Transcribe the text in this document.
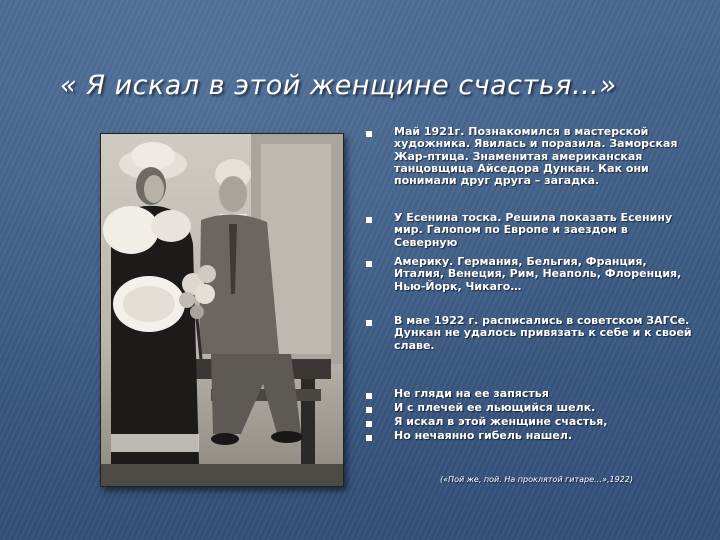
« Я искал в этой женщине счастья…»
Май 1921г. Познакомился в мастерской художника. Явилась и поразила. Заморская Жар-птица. Знаменитая американская танцовщица Айседора Дункан. Как они понимали друг друга – загадка.
У Есенина тоска. Решила показать Есенину мир. Галопом по Европе и заездом в Северную
Америку. Германия, Бельгия, Франция, Италия, Венеция, Рим, Неаполь, Флоренция, Нью-Йорк, Чикаго…
В мае 1922 г. расписались в советском ЗАГСе. Дункан не удалось привязать к себе и к своей славе.
Не гляди на ее запястья
И с плечей ее льющийся шелк.
Я искал в этой женщине счастья,
Но нечаянно гибель нашел.
(«Пой же, пой. На проклятой гитаре…»,1922)
